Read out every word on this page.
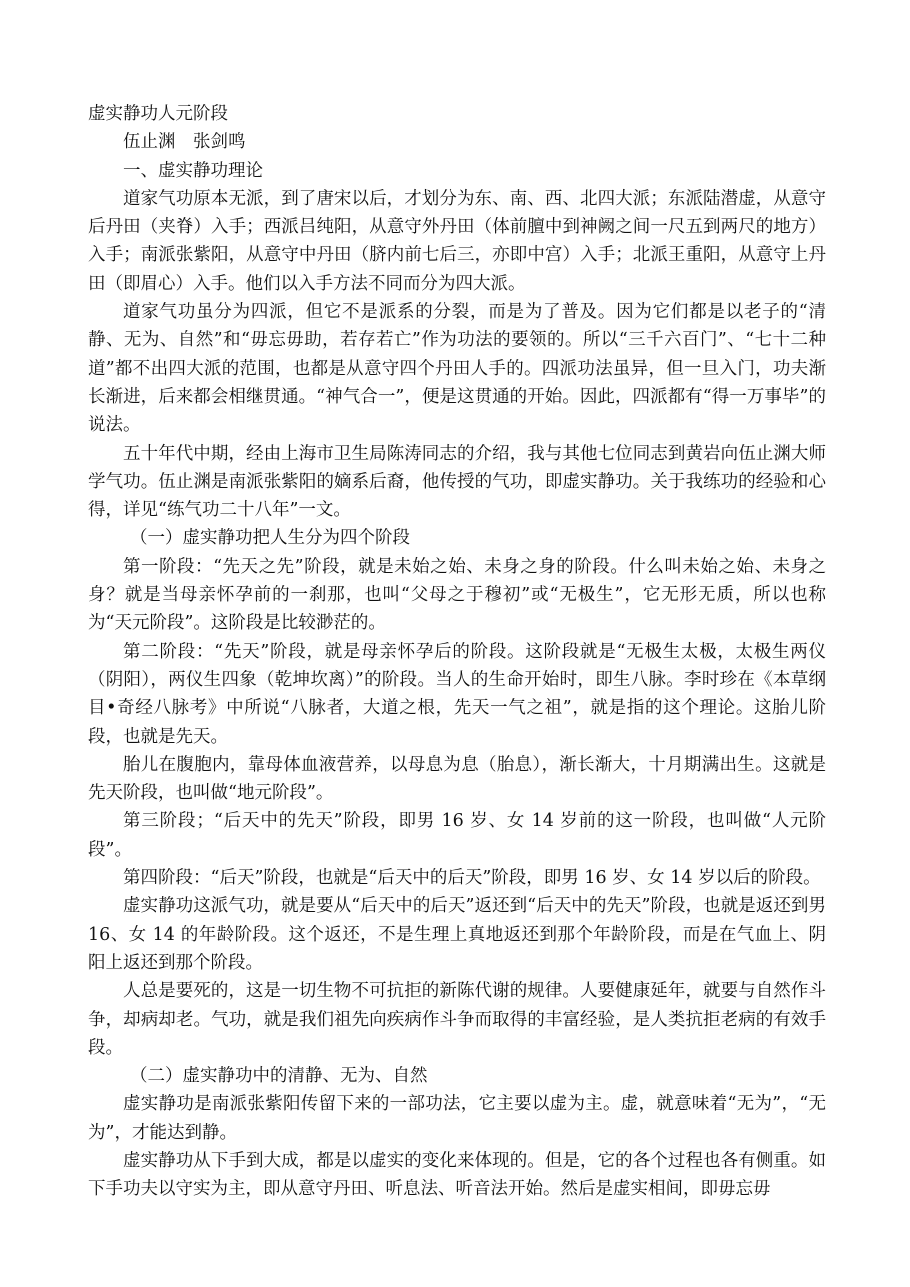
虚实静功人元阶段

伍止渊　张剑鸣

一、虚实静功理论

道家气功原本无派，到了唐宋以后，才划分为东、南、西、北四大派；东派陆潜虚，从意守后丹田（夹脊）入手；西派吕纯阳，从意守外丹田（体前膻中到神阙之间一尺五到两尺的地方）入手；南派张紫阳，从意守中丹田（脐内前七后三，亦即中宫）入手；北派王重阳，从意守上丹田（即眉心）入手。他们以入手方法不同而分为四大派。

道家气功虽分为四派，但它不是派系的分裂，而是为了普及。因为它们都是以老子的“清静、无为、自然”和“毋忘毋助，若存若亡”作为功法的要领的。所以“三千六百门”、“七十二种道”都不出四大派的范围，也都是从意守四个丹田人手的。四派功法虽异，但一旦入门，功夫渐长渐进，后来都会相继贯通。“神气合一”，便是这贯通的开始。因此，四派都有“得一万事毕”的说法。

五十年代中期，经由上海市卫生局陈涛同志的介绍，我与其他七位同志到黄岩向伍止渊大师学气功。伍止渊是南派张紫阳的嫡系后裔，他传授的气功，即虚实静功。关于我练功的经验和心得，详见“练气功二十八年”一文。

（一）虚实静功把人生分为四个阶段

第一阶段：“先天之先”阶段，就是未始之始、未身之身的阶段。什么叫未始之始、未身之身？就是当母亲怀孕前的一刹那，也叫“父母之于穆初”或“无极生”，它无形无质，所以也称为“天元阶段”。这阶段是比较渺茫的。

第二阶段：“先天”阶段，就是母亲怀孕后的阶段。这阶段就是“无极生太极，太极生两仪（阴阳），两仪生四象（乾坤坎离）”的阶段。当人的生命开始时，即生八脉。李时珍在《本草纲目•奇经八脉考》中所说“八脉者，大道之根，先天一气之祖”，就是指的这个理论。这胎儿阶段，也就是先天。

胎儿在腹胞内，靠母体血液营养，以母息为息（胎息），渐长渐大，十月期满出生。这就是先天阶段，也叫做“地元阶段”。

第三阶段；“后天中的先天”阶段，即男 16 岁、女 14 岁前的这一阶段，也叫做“人元阶段”。

第四阶段：“后天”阶段，也就是“后天中的后天”阶段，即男 16 岁、女 14 岁以后的阶段。

虚实静功这派气功，就是要从“后天中的后天”返还到“后天中的先天”阶段，也就是返还到男 16、女 14 的年龄阶段。这个返还，不是生理上真地返还到那个年龄阶段，而是在气血上、阴阳上返还到那个阶段。

人总是要死的，这是一切生物不可抗拒的新陈代谢的规律。人要健康延年，就要与自然作斗争，却病却老。气功，就是我们祖先向疾病作斗争而取得的丰富经验，是人类抗拒老病的有效手段。

（二）虚实静功中的清静、无为、自然

虚实静功是南派张紫阳传留下来的一部功法，它主要以虚为主。虚，就意味着“无为”，“无为”，才能达到静。

虚实静功从下手到大成，都是以虚实的变化来体现的。但是，它的各个过程也各有侧重。如下手功夫以守实为主，即从意守丹田、听息法、听音法开始。然后是虚实相间，即毋忘毋
